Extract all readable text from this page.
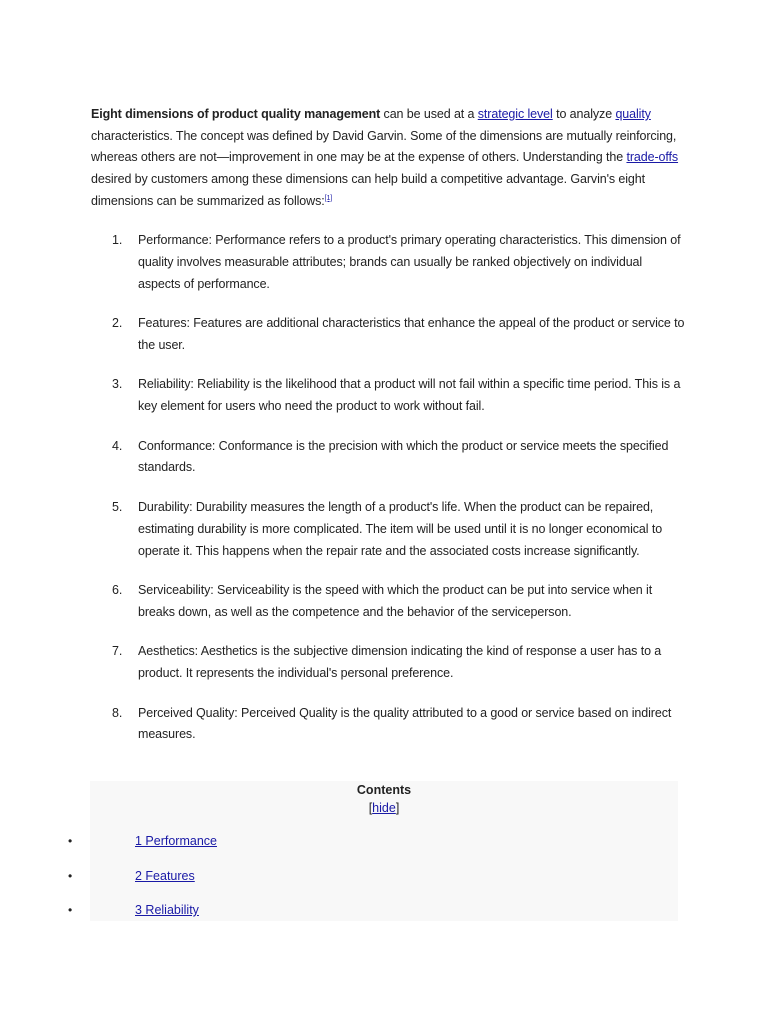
Eight dimensions of product quality management can be used at a strategic level to analyze quality characteristics. The concept was defined by David Garvin. Some of the dimensions are mutually reinforcing, whereas others are not—improvement in one may be at the expense of others. Understanding the trade-offs desired by customers among these dimensions can help build a competitive advantage. Garvin's eight dimensions can be summarized as follows:[1]

1.	Performance: Performance refers to a product's primary operating characteristics. This dimension of quality involves measurable attributes; brands can usually be ranked objectively on individual aspects of performance.
2.	Features: Features are additional characteristics that enhance the appeal of the product or service to the user.
3.	Reliability: Reliability is the likelihood that a product will not fail within a specific time period. This is a key element for users who need the product to work without fail.
4.	Conformance: Conformance is the precision with which the product or service meets the specified standards.
5.	Durability: Durability measures the length of a product's life. When the product can be repaired, estimating durability is more complicated. The item will be used until it is no longer economical to operate it. This happens when the repair rate and the associated costs increase significantly.
6.	Serviceability: Serviceability is the speed with which the product can be put into service when it breaks down, as well as the competence and the behavior of the serviceperson.
7.	Aesthetics: Aesthetics is the subjective dimension indicating the kind of response a user has to a product. It represents the individual's personal preference.
8.	Perceived Quality: Perceived Quality is the quality attributed to a good or service based on indirect measures.
Contents
[hide]
•	1 Performance
•	2 Features
•	3 Reliability
